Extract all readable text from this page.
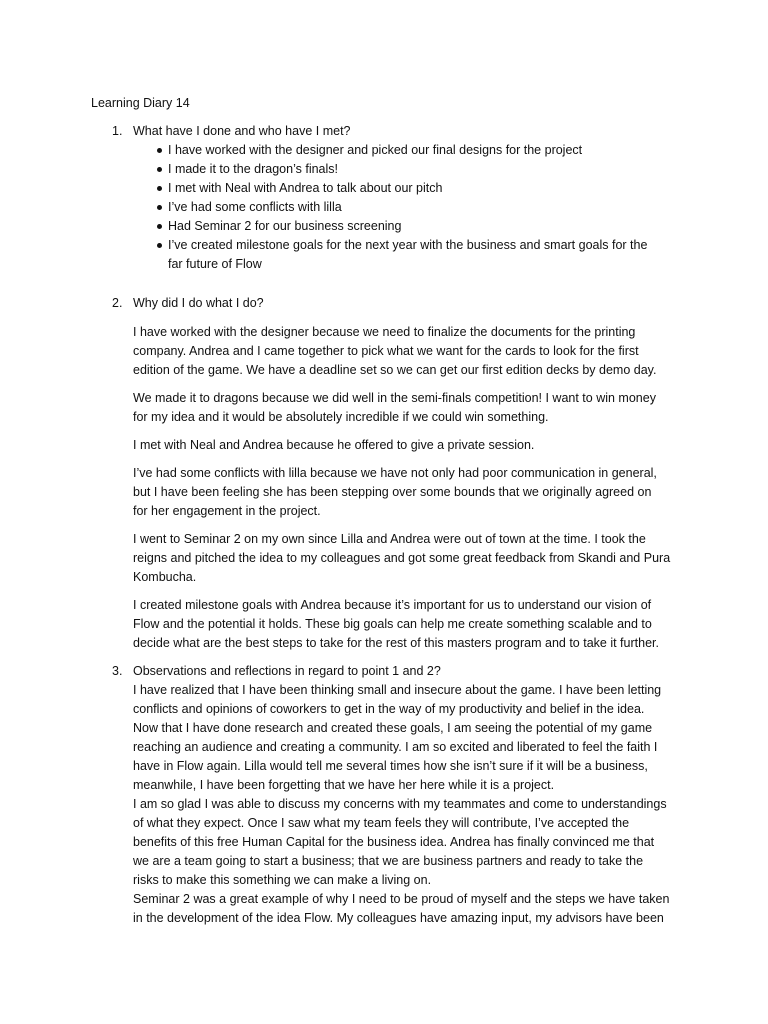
Learning Diary 14
1. What have I done and who have I met?

I have worked with the designer and picked our final designs for the project
I made it to the dragon’s finals!
I met with Neal with Andrea to talk about our pitch
I’ve had some conflicts with lilla
Had Seminar 2 for our business screening
I’ve created milestone goals for the next year with the business and smart goals for the
far future of Flow
2. Why did I do what I do?

I have worked with the designer because we need to finalize the documents for the printing
company. Andrea and I came together to pick what we want for the cards to look for the first
edition of the game. We have a deadline set so we can get our first edition decks by demo day.

We made it to dragons because we did well in the semi-finals competition! I want to win money
for my idea and it would be absolutely incredible if we could win something.

I met with Neal and Andrea because he offered to give a private session.

I’ve had some conflicts with lilla because we have not only had poor communication in general,
but I have been feeling she has been stepping over some bounds that we originally agreed on
for her engagement in the project.

I went to Seminar 2 on my own since Lilla and Andrea were out of town at the time. I took the
reigns and pitched the idea to my colleagues and got some great feedback from Skandi and Pura
Kombucha.

I created milestone goals with Andrea because it’s important for us to understand our vision of
Flow and the potential it holds. These big goals can help me create something scalable and to
decide what are the best steps to take for the rest of this masters program and to take it further.

3. Observations and reflections in regard to point 1 and 2?

I have realized that I have been thinking small and insecure about the game. I have been letting
conflicts and opinions of coworkers to get in the way of my productivity and belief in the idea.
Now that I have done research and created these goals, I am seeing the potential of my game
reaching an audience and creating a community. I am so excited and liberated to feel the faith I
have in Flow again. Lilla would tell me several times how she isn’t sure if it will be a business,
meanwhile, I have been forgetting that we have her here while it is a project.

I am so glad I was able to discuss my concerns with my teammates and come to understandings
of what they expect. Once I saw what my team feels they will contribute, I’ve accepted the
benefits of this free Human Capital for the business idea. Andrea has finally convinced me that
we are a team going to start a business; that we are business partners and ready to take the
risks to make this something we can make a living on.

Seminar 2 was a great example of why I need to be proud of myself and the steps we have taken
in the development of the idea Flow. My colleagues have amazing input, my advisors have been
